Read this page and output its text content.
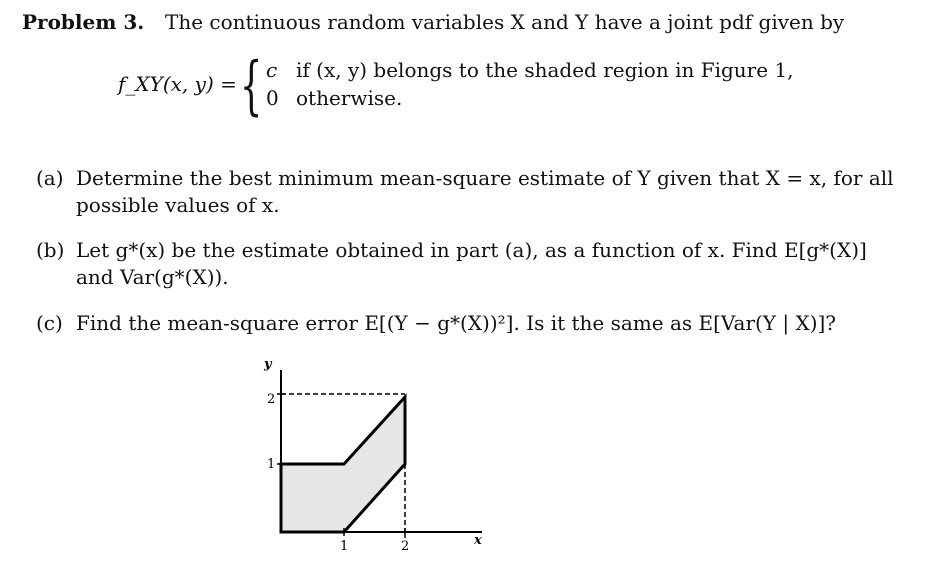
Problem 3. The continuous random variables X and Y have a joint pdf given by
f_XY(x, y) = { c if (x, y) belongs to the shaded region in Figure 1,
0 otherwise.
(a) Determine the best minimum mean-square estimate of Y given that X = x, for all
possible values of x.
(b) Let g*(x) be the estimate obtained in part (a), as a function of x. Find E[g*(X)]
and Var(g*(X)).
(c) Find the mean-square error E[(Y − g*(X))²]. Is it the same as E[Var(Y | X)]?
y
x
2
1
1	2
